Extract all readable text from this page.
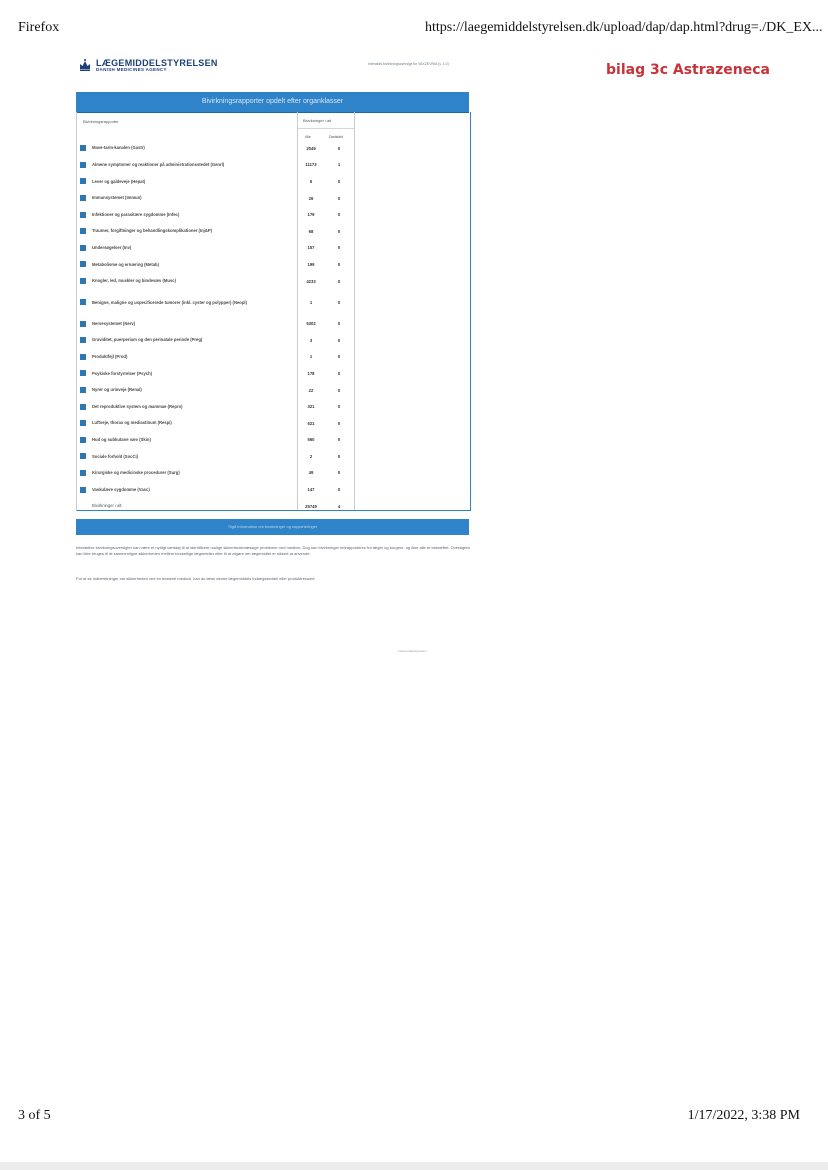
Firefox	https://laegemiddelstyrelsen.dk/upload/dap/dap.html?drug=./DK_EX...
bilag 3c Astrazeneca
LÆGEMIDDELSTYRELSEN
DANISH MEDICINES AGENCY
Interaktiv bivirkningsoversigt for VAXZEVRIA (v. 1.0)
Bivirkningsrapporter opdelt efter organklasser
Bivirkningsrapporter	Bivirkninger i alt
Alle	Dødsfald
Mave-tarm-kanalen (Gastr)	2049	0
Almene symptomer og reaktioner på administrationsstedet (Genrl)	11173	1
Lever og galdeveje (Hepat)	5	0
Immunsystemet (Immun)	26	0
Infektioner og parasitære sygdomme (Infec)	179	0
Traumer, forgiftninger og behandlingskomplikationer (Inj&P)	68	0
Undersøgelser (Inv)	157	0
Metabolisme og ernæring (Metab)	199	0
Knogler, led, muskler og bindevæv (Musc)	4233	0
Benigne, maligne og uspecificerede tumorer (inkl. cyster og polypper) (Neopl)	1	0
Nervesystemet (Nerv)	5302	0
Graviditet, puerperium og den perinatale periode (Preg)	3	0
Produktfejl (Prod)	1	0
Psykiske forstyrrelser (Psych)	178	0
Nyrer og urinveje (Renal)	22	0
Det reproduktive system og mammae (Repro)	321	0
Luftveje, thorax og mediastinum (Respi)	521	0
Hud og subkutane væv (Skin)	560	0
Sociale forhold (SocCi)	2	0
Kirurgiske og medicinske procedurer (Surg)	49	0
Vaskulære sygdomme (Vasc)	147	0
Bivirkninger i alt	25749	4
Tilgå information om bivirkninger og rapporteringer
Interaktive bivirkningsoversigter kan være et nyttigt værktøj til at identificere mulige sikkerhedsmæssige problemer ved medicin. Dog kan bivirkninger indrapporteres fra læger og borgere, og ikke alle er bekræftet. Oversigten kan ikke bruges til at sammenligne sikkerheden mellem forskellige lægemidler eller til at afgøre om lægemidlet er sikkert at anvende.
For at se indberetninger om sikkerheden ved en bestemt medicin, kan du læse denne lægemiddels indlægsseddel eller produktresumé.
Lægemiddelstyrelsen
3 of 5	1/17/2022, 3:38 PM
